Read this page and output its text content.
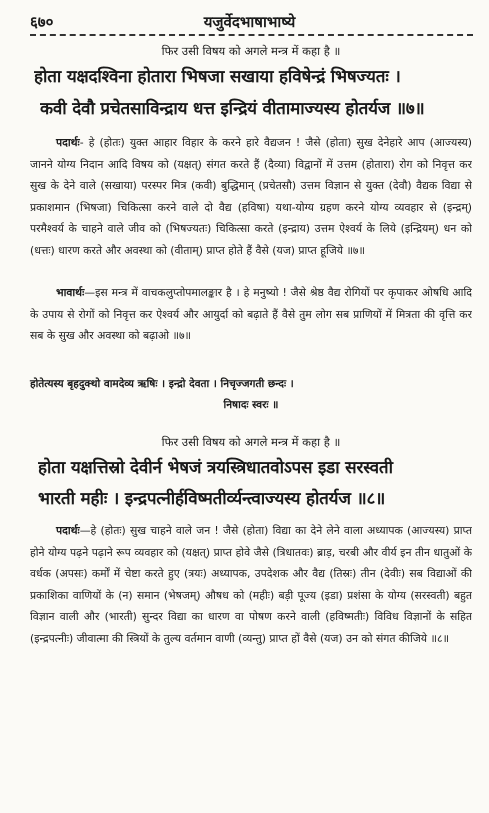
६७०	यजुर्वेदभाषाभाष्ये
फिर उसी विषय को अगले मन्त्र में कहा है ॥
होता यक्षदश्विना होतारा भिषजा सखाया हविषेन्द्रं भिषज्यतः ।
कवी देवौ प्रचेतसाविन्द्राय धत्त इन्द्रियं वीतामाज्यस्य होतर्यज ॥७॥
पदार्थः- हे (होतः) युक्त आहार विहार के करने हारे वैद्यजन ! जैसे (होता) सुख देनेहारे आप (आज्यस्य) जानने योग्य निदान आदि विषय को (यक्षत्) संगत करते हैं (दैव्या) विद्वानों में उत्तम (होतारा) रोग को निवृत्त कर सुख के देने वाले (सखाया) परस्पर मित्र (कवी) बुद्धिमान् (प्रचेतसौ) उत्तम विज्ञान से युक्त (देवौ) वैद्यक विद्या से प्रकाशमान (भिषजा) चिकित्सा करने वाले दो वैद्य (हविषा) यथा-योग्य ग्रहण करने योग्य व्यवहार से (इन्द्रम्) परमैश्वर्य के चाहने वाले जीव को (भिषज्यतः) चिकित्सा करते (इन्द्राय) उत्तम ऐश्वर्य के लिये (इन्द्रियम्) धन को (धत्तः) धारण करते और अवस्था को (वीताम्) प्राप्त होते हैं वैसे (यज) प्राप्त हूजिये ॥७॥
भावार्थः—इस मन्त्र में वाचकलुप्तोपमालङ्कार है । हे मनुष्यो ! जैसे श्रेष्ठ वैद्य रोगियों पर कृपाकर ओषधि आदि के उपाय से रोगों को निवृत्त कर ऐश्वर्य और आयुर्दा को बढ़ाते हैं वैसे तुम लोग सब प्राणियों में मित्रता की वृत्ति कर सब के सुख और अवस्था को बढ़ाओ ॥७॥
होतेत्यस्य बृहदुक्थो वामदेव्य ऋषिः । इन्द्रो देवता । निचृज्जगती छन्दः ।
निषादः स्वरः ॥
फिर उसी विषय को अगले मन्त्र में कहा है ॥
होता यक्षत्तिस्रो देवीर्न भेषजं त्रयस्त्रिधातवोऽपस इडा सरस्वती
भारती महीः । इन्द्रपत्नीर्हविष्मतीर्व्यन्त्वाज्यस्य होतर्यज ॥८॥
पदार्थः—हे (होतः) सुख चाहने वाले जन ! जैसे (होता) विद्या का देने लेने वाला अध्यापक (आज्यस्य) प्राप्त होने योग्य पढ़ने पढ़ाने रूप व्यवहार को (यक्षत्) प्राप्त होवे जैसे (त्रिधातवः) ब्राड़, चरबी और वीर्य इन तीन धातुओं के वर्धक (अपसः) कर्मों में चेष्टा करते हुए (त्रयः) अध्यापक, उपदेशक और वैद्य (तिस्रः) तीन (देवीः) सब विद्याओं की प्रकाशिका वाणियों के (न) समान (भेषजम्) औषध को (महीः) बड़ी पूज्य (इडा) प्रशंसा के योग्य (सरस्वती) बहुत विज्ञान वाली और (भारती) सुन्दर विद्या का धारण वा पोषण करने वाली (हविष्मतीः) विविध विज्ञानों के सहित (इन्द्रपत्नीः) जीवात्मा की स्त्रियों के तुल्य वर्तमान वाणी (व्यन्तु) प्राप्त हों वैसे (यज) उन को संगत कीजिये ॥८॥
